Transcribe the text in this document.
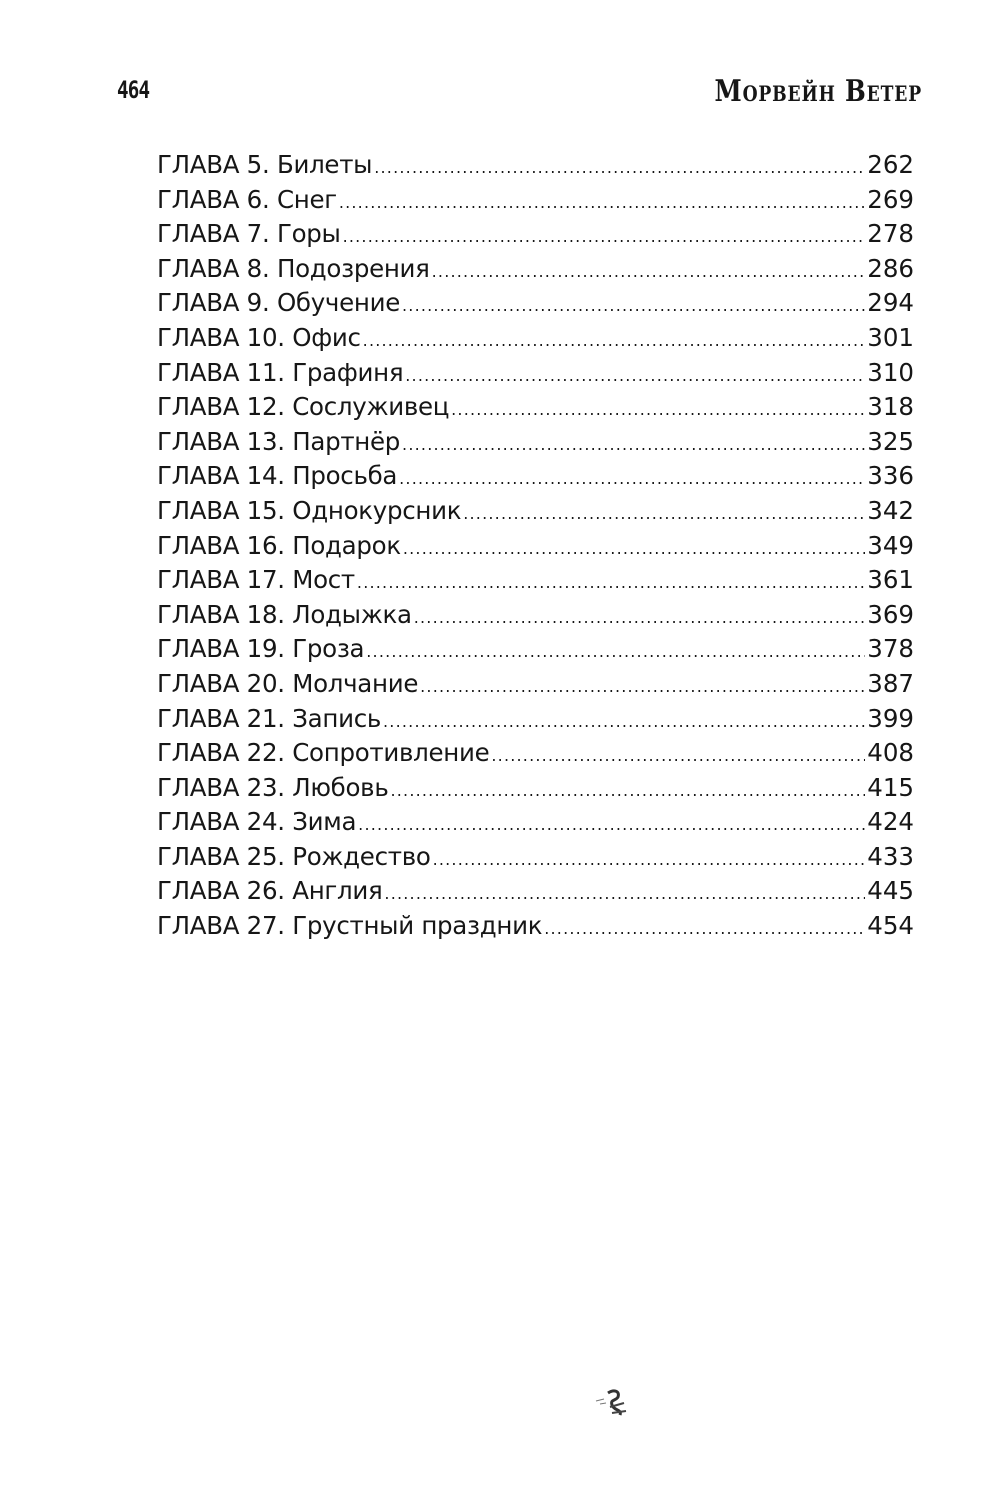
464	Морвейн Ветер
ГЛАВА 5. Билеты .....	262
ГЛАВА 6. Снег .....	269
ГЛАВА 7. Горы .....	278
ГЛАВА 8. Подозрения .....	286
ГЛАВА 9. Обучение .....	294
ГЛАВА 10. Офис .....	301
ГЛАВА 11. Графиня .....	310
ГЛАВА 12. Сослуживец .....	318
ГЛАВА 13. Партнёр .....	325
ГЛАВА 14. Просьба .....	336
ГЛАВА 15. Однокурсник .....	342
ГЛАВА 16. Подарок .....	349
ГЛАВА 17. Мост .....	361
ГЛАВА 18. Лодыжка .....	369
ГЛАВА 19. Гроза .....	378
ГЛАВА 20. Молчание .....	387
ГЛАВА 21. Запись .....	399
ГЛАВА 22. Сопротивление .....	408
ГЛАВА 23. Любовь .....	415
ГЛАВА 24. Зима .....	424
ГЛАВА 25. Рождество .....	433
ГЛАВА 26. Англия .....	445
ГЛАВА 27. Грустный праздник .....	454
